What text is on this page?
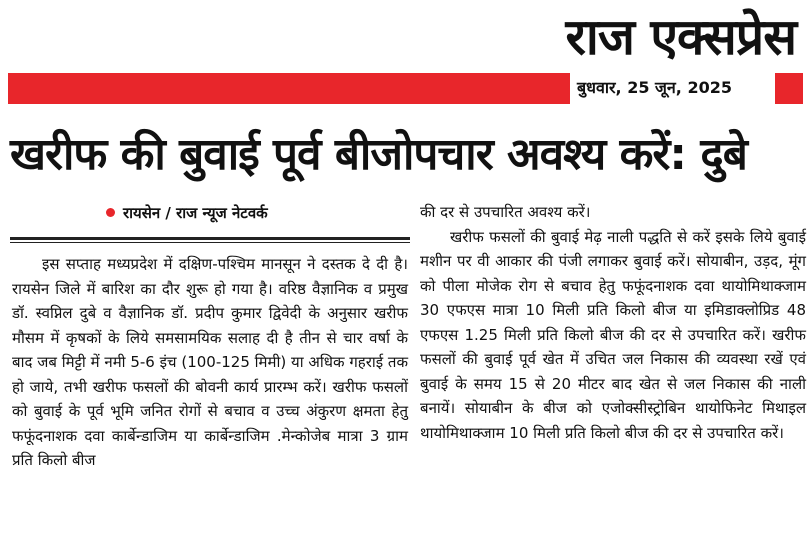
राज एक्सप्रेस
बुधवार, 25 जून, 2025
खरीफ की बुवाई पूर्व बीजोपचार अवश्य करें: दुबे
रायसेन / राज न्यूज नेटवर्क

इस सप्ताह मध्यप्रदेश में दक्षिण-पश्चिम मानसून ने दस्तक दे दी है। रायसेन जिले में बारिश का दौर शुरू हो गया है। वरिष्ठ वैज्ञानिक व प्रमुख डॉ. स्वप्निल दुबे व वैज्ञानिक डॉ. प्रदीप कुमार द्विवेदी के अनुसार खरीफ मौसम में कृषकों के लिये समसामयिक सलाह दी है तीन से चार वर्षा के बाद जब मिट्टी में नमी 5-6 इंच (100-125 मिमी) या अधिक गहराई तक हो जाये, तभी खरीफ फसलों की बोवनी कार्य प्रारम्भ करें। खरीफ फसलों को बुवाई के पूर्व भूमि जनित रोगों से बचाव व उच्च अंकुरण क्षमता हेतु फफूंदनाशक दवा कार्बेन्डाजिम या कार्बेन्डाजिम .मेन्कोजेब मात्रा 3 ग्राम प्रति किलो बीज

की दर से उपचारित अवश्य करें।

खरीफ फसलों की बुवाई मेढ़ नाली पद्धति से करें इसके लिये बुवाई मशीन पर वी आकार की पंजी लगाकर बुवाई करें। सोयाबीन, उड़द, मूंग को पीला मोजेक रोग से बचाव हेतु फफूंदनाशक दवा थायोमिथाक्जाम 30 एफएस मात्रा 10 मिली प्रति किलो बीज या इमिडाक्लोप्रिड 48 एफएस 1.25 मिली प्रति किलो बीज की दर से उपचारित करें। खरीफ फसलों की बुवाई पूर्व खेत में उचित जल निकास की व्यवस्था रखें एवं बुवाई के समय 15 से 20 मीटर बाद खेत से जल निकास की नाली बनायें। सोयाबीन के बीज को एजोक्सीस्ट्रोबिन थायोफिनेट मिथाइल थायोमिथाक्जाम 10 मिली प्रति किलो बीज की दर से उपचारित करें।
